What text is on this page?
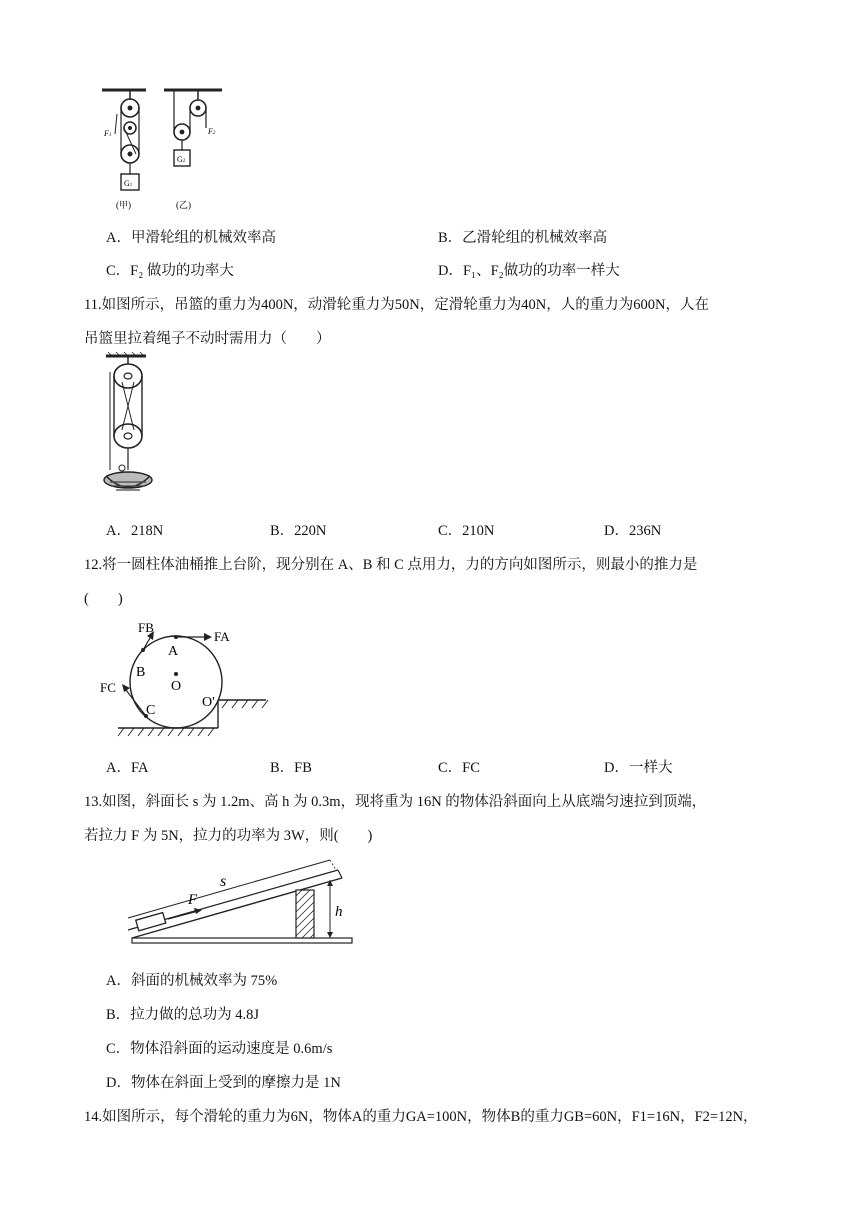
G1
F1
(甲)
G2
F2
(乙)
A．甲滑轮组的机械效率高	B．乙滑轮组的机械效率高
C．F₂ 做功的功率大	D．F₁、F₂做功的功率一样大
11.如图所示，吊篮的重力为400N，动滑轮重力为50N，定滑轮重力为40N，人的重力为600N，人在
吊篮里拉着绳子不动时需用力（　　）
A．218N	B．220N	C．210N	D．236N
12.将一圆柱体油桶推上台阶，现分别在 A、B 和 C 点用力，力的方向如图所示，则最小的推力是
(　　)
O
O'
A
FA
B
FB
C
FC
A．FA	B．FB	C．FC	D．一样大
13.如图，斜面长 s 为 1.2m、高 h 为 0.3m，现将重为 16N 的物体沿斜面向上从底端匀速拉到顶端，
若拉力 F 为 5N，拉力的功率为 3W，则(　　)
h
s
F
A．斜面的机械效率为 75%
B．拉力做的总功为 4.8J
C．物体沿斜面的运动速度是 0.6m/s
D．物体在斜面上受到的摩擦力是 1N
14.如图所示，每个滑轮的重力为6N，物体A的重力GA=100N，物体B的重力GB=60N，F1=16N，F2=12N，
